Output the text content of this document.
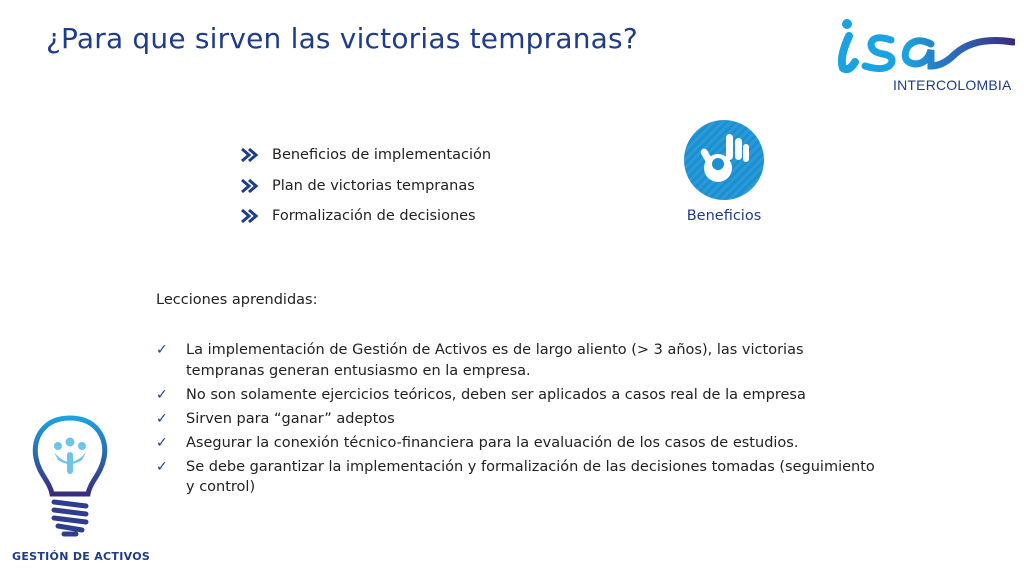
¿Para que sirven las victorias tempranas?
INTERCOLOMBIA
Beneficios de implementación
Plan de victorias tempranas
Formalización de decisiones	Beneficios
Lecciones aprendidas:
✓	La implementación de Gestión de Activos es de largo aliento (> 3 años), las victorias tempranas generan entusiasmo en la empresa.
✓	No son solamente ejercicios teóricos, deben ser aplicados a casos real de la empresa
✓	Sirven para “ganar” adeptos
✓	Asegurar la conexión técnico-financiera para la evaluación de los casos de estudios.
✓	Se debe garantizar la implementación y formalización de las decisiones tomadas (seguimiento y control)
GESTIÓN DE ACTIVOS
